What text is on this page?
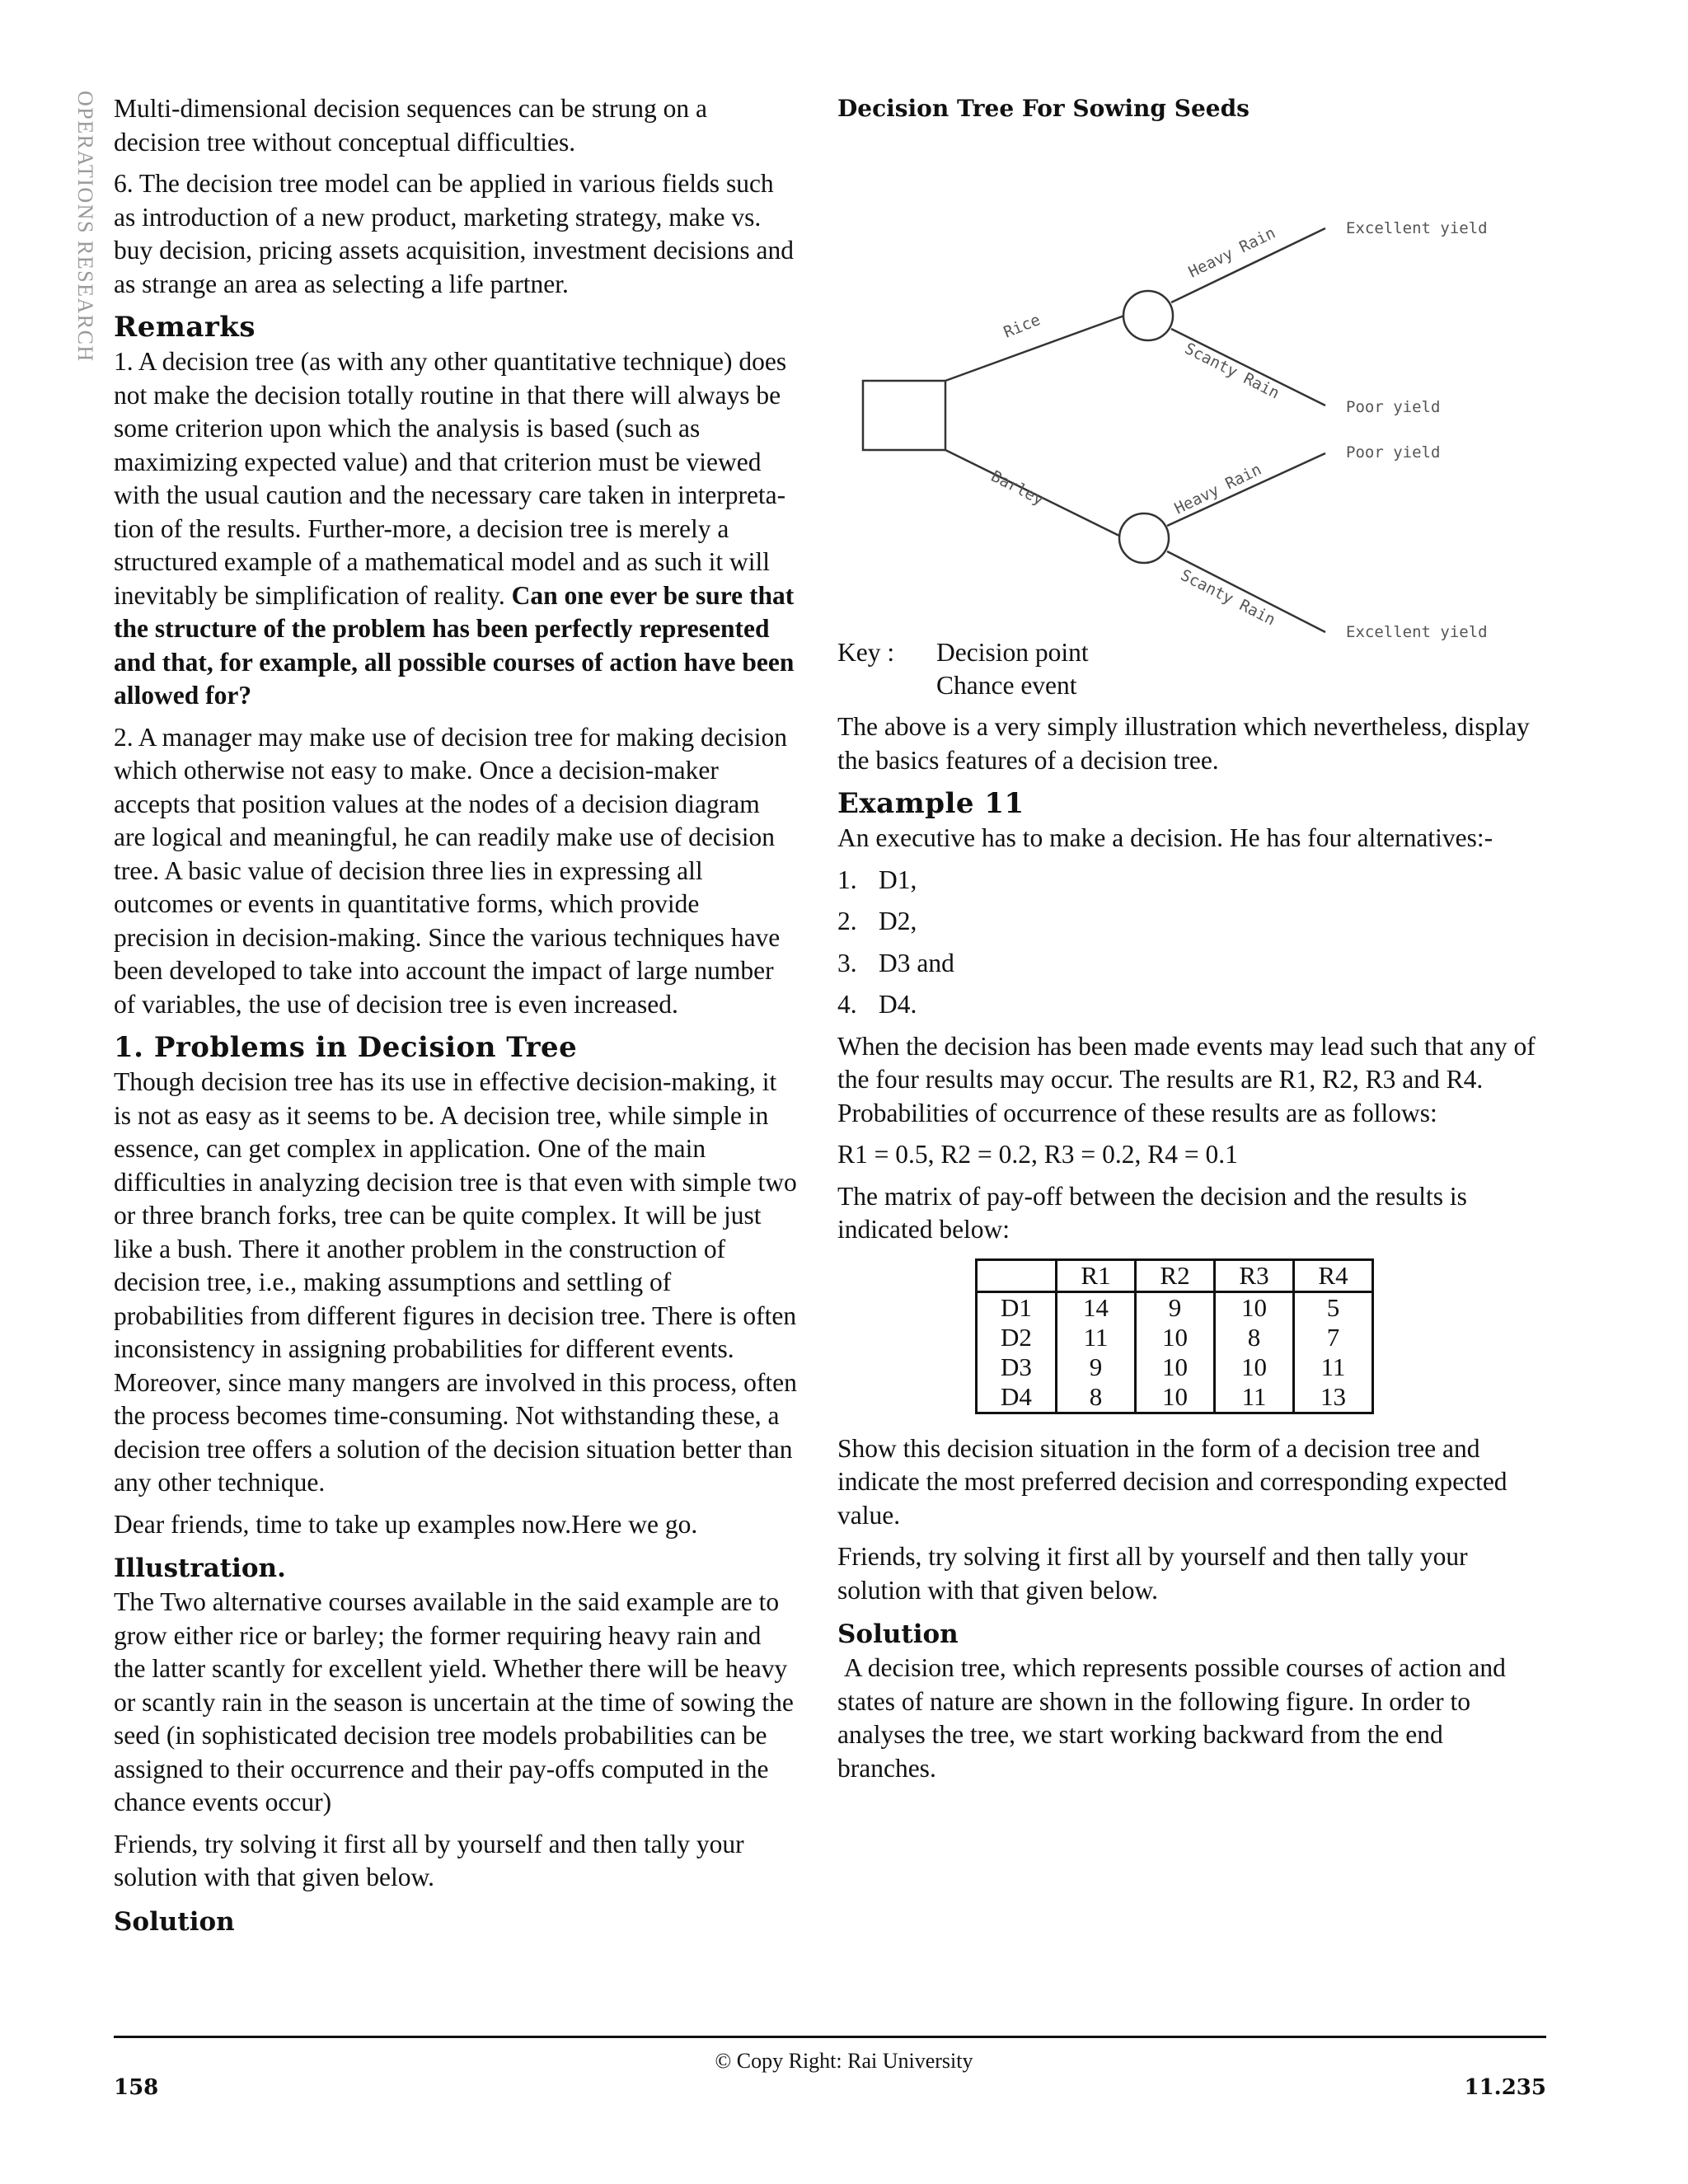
OPERATIONS RESEARCH Multi-dimensional decision sequences can be strung on a decision tree without conceptual difficulties.

6. The decision tree model can be applied in various fields such as introduction of a new product, marketing strategy, make vs. buy decision, pricing assets acquisition, investment decisions and as strange an area as selecting a life partner.

Remarks

1. A decision tree (as with any other quantitative technique) does not make the decision totally routine in that there will always be some criterion upon which the analysis is based (such as maximizing expected value) and that criterion must be viewed with the usual caution and the necessary care taken in interpreta-tion of the results. Further-more, a decision tree is merely a structured example of a mathematical model and as such it will inevitably be simplification of reality. Can one ever be sure that the structure of the problem has been perfectly represented and that, for example, all possible courses of action have been allowed for?

2. A manager may make use of decision tree for making decision which otherwise not easy to make. Once a decision-maker accepts that position values at the nodes of a decision diagram are logical and meaningful, he can readily make use of decision tree. A basic value of decision three lies in expressing all outcomes or events in quantitative forms, which provide precision in decision-making. Since the various techniques have been developed to take into account the impact of large number of variables, the use of decision tree is even increased.

1. Problems in Decision Tree

Though decision tree has its use in effective decision-making, it is not as easy as it seems to be. A decision tree, while simple in essence, can get complex in application. One of the main difficulties in analyzing decision tree is that even with simple two or three branch forks, tree can be quite complex. It will be just like a bush. There it another problem in the construction of decision tree, i.e., making assumptions and settling of probabilities from different figures in decision tree. There is often inconsistency in assigning probabilities for different events. Moreover, since many mangers are involved in this process, often the process becomes time-consuming. Not withstanding these, a decision tree offers a solution of the decision situation better than any other technique.

Dear friends, time to take up examples now.Here we go.

Illustration.

The Two alternative courses available in the said example are to grow either rice or barley; the former requiring heavy rain and the latter scantly for excellent yield. Whether there will be heavy or scantly rain in the season is uncertain at the time of sowing the seed (in sophisticated decision tree models probabilities can be assigned to their occurrence and their pay-offs computed in the chance events occur)

Friends, try solving it first all by yourself and then tally your solution with that given below.

Solution
Decision Tree For Sowing Seeds
Rice
Barley
Heavy Rain
Scanty Rain
Heavy Rain
Scanty Rain
Excellent yield
Poor yield
Poor yield
Excellent yield
Key : Decision point
Chance event

The above is a very simply illustration which nevertheless, display the basics features of a decision tree.

Example 11

An executive has to make a decision. He has four alternatives:-

1. D1,
2. D2,
3. D3 and
4. D4.

When the decision has been made events may lead such that any of the four results may occur. The results are R1, R2, R3 and R4. Probabilities of occurrence of these results are as follows:

R1 = 0.5, R2 = 0.2, R3 = 0.2, R4 = 0.1

The matrix of pay-off between the decision and the results is indicated below:

	R1	R2	R3	R4
D1	14	9	10	5
D2	11	10	8	7
D3	9	10	10	11
D4	8	10	11	13

Show this decision situation in the form of a decision tree and indicate the most preferred decision and corresponding expected value.

Friends, try solving it first all by yourself and then tally your solution with that given below.

Solution

A decision tree, which represents possible courses of action and states of nature are shown in the following figure. In order to analyses the tree, we start working backward from the end branches.

© Copy Right: Rai University
158	11.235
